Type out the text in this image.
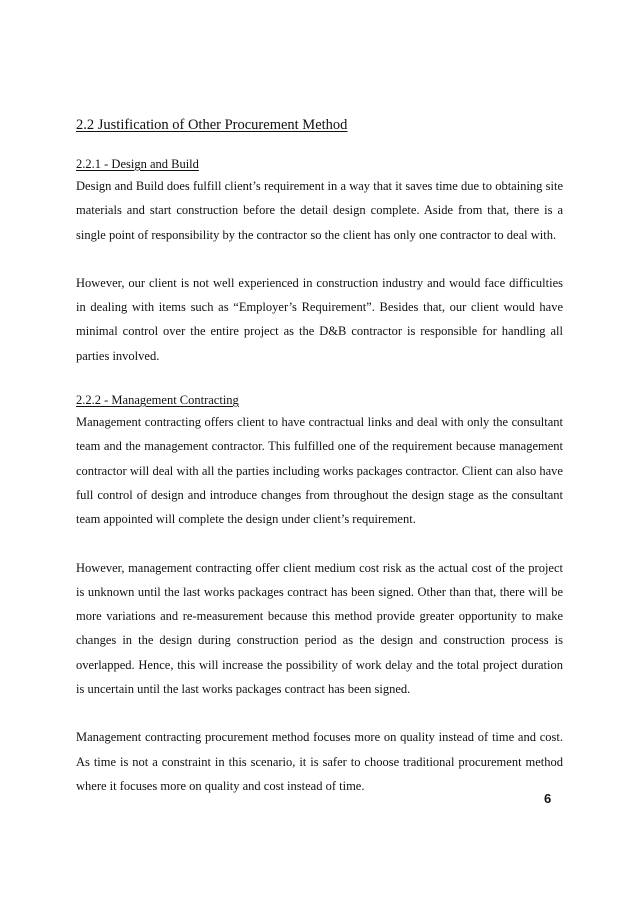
2.2 Justification of Other Procurement Method

2.2.1 - Design and Build

Design and Build does fulfill client’s requirement in a way that it saves time due to obtaining site materials and start construction before the detail design complete. Aside from that, there is a single point of responsibility by the contractor so the client has only one contractor to deal with.

However, our client is not well experienced in construction industry and would face difficulties in dealing with items such as “Employer’s Requirement”. Besides that, our client would have minimal control over the entire project as the D&B contractor is responsible for handling all parties involved.

2.2.2 - Management Contracting

Management contracting offers client to have contractual links and deal with only the consultant team and the management contractor. This fulfilled one of the requirement because management contractor will deal with all the parties including works packages contractor. Client can also have full control of design and introduce changes from throughout the design stage as the consultant team appointed will complete the design under client’s requirement.

However, management contracting offer client medium cost risk as the actual cost of the project is unknown until the last works packages contract has been signed. Other than that, there will be more variations and re-measurement because this method provide greater opportunity to make changes in the design during construction period as the design and construction process is overlapped. Hence, this will increase the possibility of work delay and the total project duration is uncertain until the last works packages contract has been signed.

Management contracting procurement method focuses more on quality instead of time and cost. As time is not a constraint in this scenario, it is safer to choose traditional procurement method where it focuses more on quality and cost instead of time.

6
